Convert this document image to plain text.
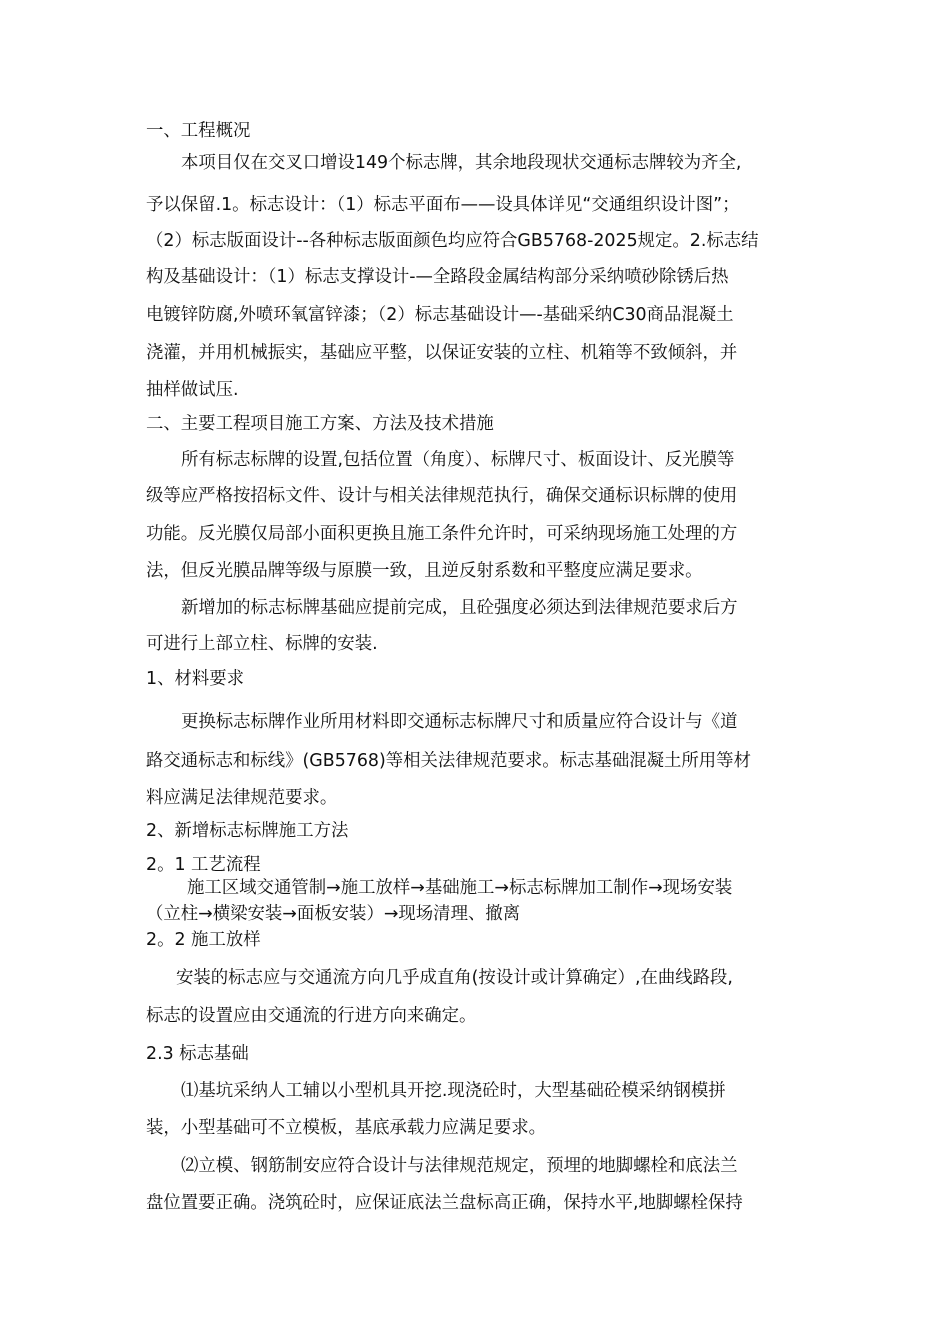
一、工程概况
本项目仅在交叉口增设149个标志牌，其余地段现状交通标志牌较为齐全,
予以保留.1。标志设计：（1）标志平面布——设具体详见“交通组织设计图”；
（2）标志版面设计--各种标志版面颜色均应符合GB5768-2025规定。2.标志结
构及基础设计：（1）标志支撑设计-—全路段金属结构部分采纳喷砂除锈后热
电镀锌防腐,外喷环氧富锌漆；（2）标志基础设计—-基础采纳C30商品混凝土
浇灌，并用机械振实，基础应平整，以保证安装的立柱、机箱等不致倾斜，并
抽样做试压.
二、主要工程项目施工方案、方法及技术措施
所有标志标牌的设置,包括位置（角度）、标牌尺寸、板面设计、反光膜等
级等应严格按招标文件、设计与相关法律规范执行，确保交通标识标牌的使用
功能。反光膜仅局部小面积更换且施工条件允许时，可采纳现场施工处理的方
法，但反光膜品牌等级与原膜一致，且逆反射系数和平整度应满足要求。
新增加的标志标牌基础应提前完成，且砼强度必须达到法律规范要求后方
可进行上部立柱、标牌的安装.
1、材料要求
更换标志标牌作业所用材料即交通标志标牌尺寸和质量应符合设计与《道
路交通标志和标线》(GB5768)等相关法律规范要求。标志基础混凝土所用等材
料应满足法律规范要求。
2、新增标志标牌施工方法
2。1 工艺流程
施工区域交通管制→施工放样→基础施工→标志标牌加工制作→现场安装
（立柱→横梁安装→面板安装）→现场清理、撤离
2。2 施工放样
安装的标志应与交通流方向几乎成直角(按设计或计算确定）,在曲线路段,
标志的设置应由交通流的行进方向来确定。
2.3 标志基础
⑴基坑采纳人工辅以小型机具开挖.现浇砼时，大型基础砼模采纳钢模拼
装，小型基础可不立模板，基底承载力应满足要求。
⑵立模、钢筋制安应符合设计与法律规范规定，预埋的地脚螺栓和底法兰
盘位置要正确。浇筑砼时，应保证底法兰盘标高正确，保持水平,地脚螺栓保持
